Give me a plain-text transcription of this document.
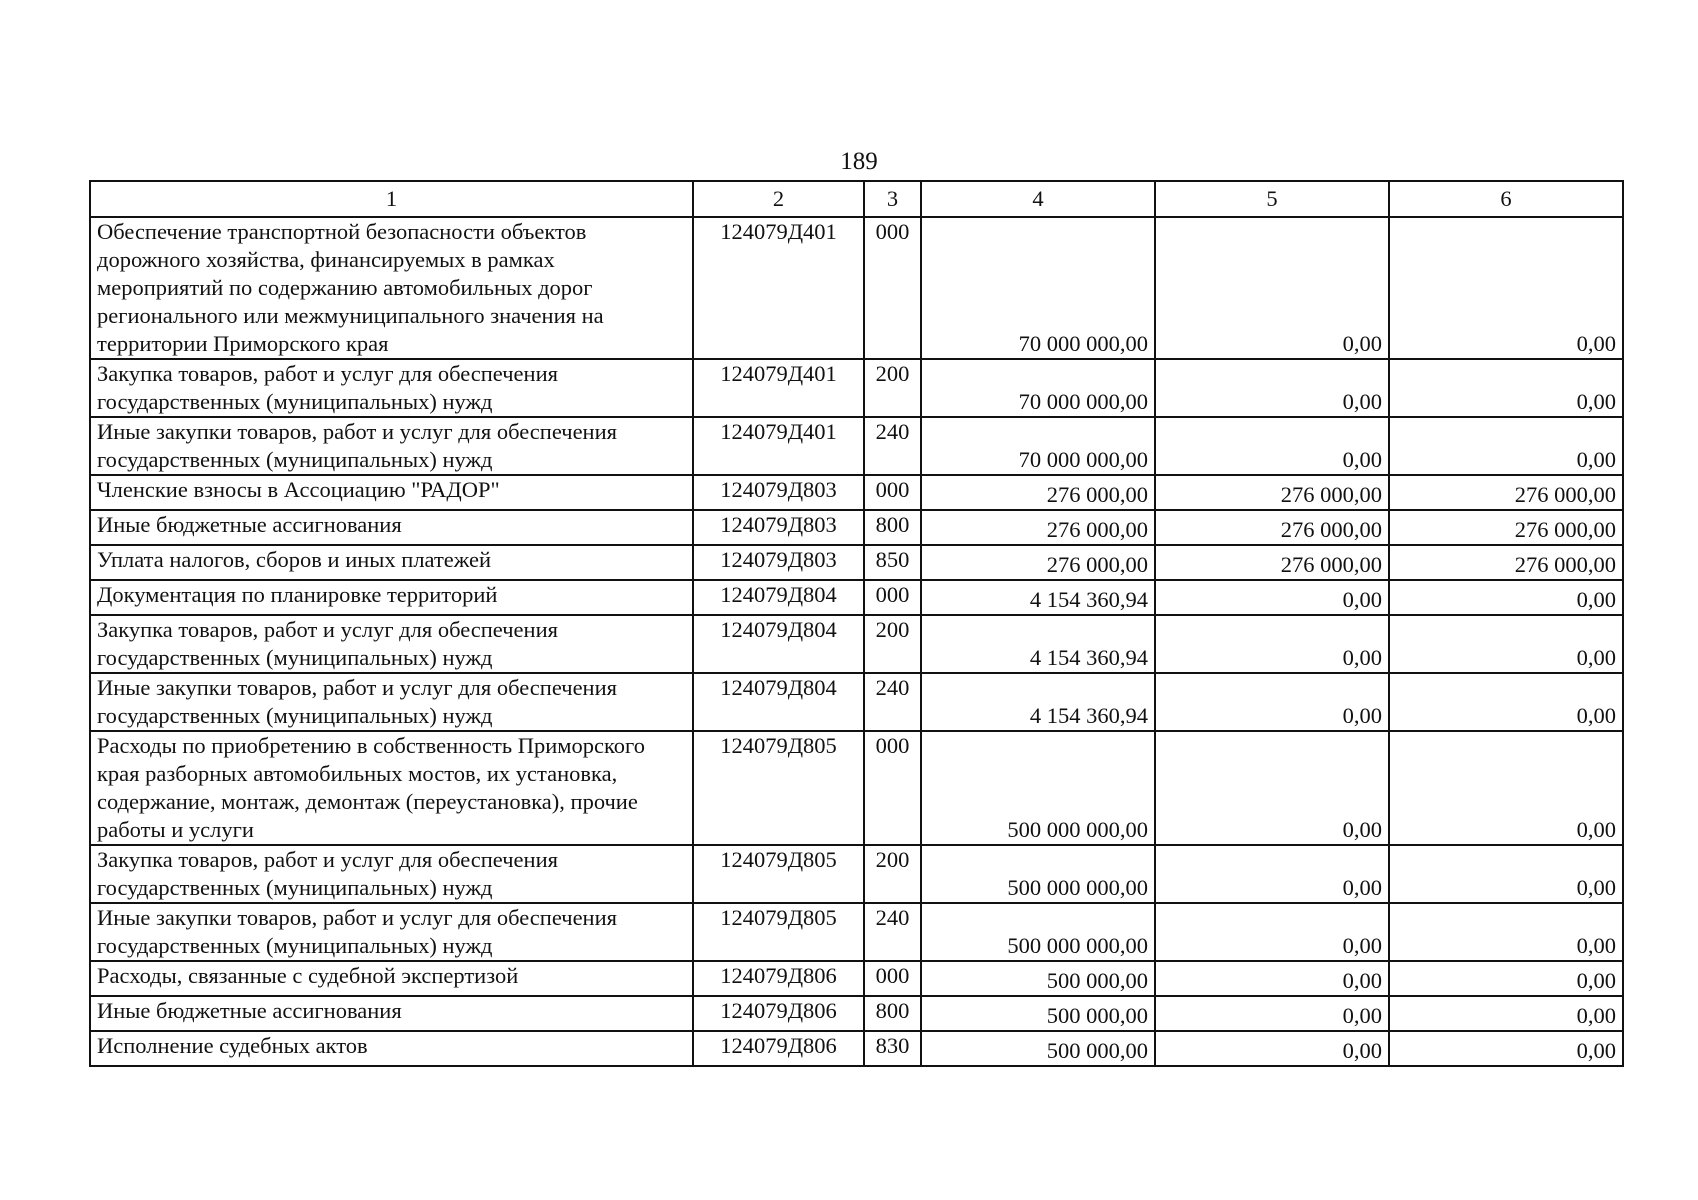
189
1	2	3	4	5	6
Обеспечение транспортной безопасности объектов дорожного хозяйства, финансируемых в рамках мероприятий по содержанию автомобильных дорог регионального или межмуниципального значения на территории Приморского края	124079Д401	000	70 000 000,00	0,00	0,00
Закупка товаров, работ и услуг для обеспечения государственных (муниципальных) нужд	124079Д401	200	70 000 000,00	0,00	0,00
Иные закупки товаров, работ и услуг для обеспечения государственных (муниципальных) нужд	124079Д401	240	70 000 000,00	0,00	0,00
Членские взносы в Ассоциацию "РАДОР"	124079Д803	000	276 000,00	276 000,00	276 000,00
Иные бюджетные ассигнования	124079Д803	800	276 000,00	276 000,00	276 000,00
Уплата налогов, сборов и иных платежей	124079Д803	850	276 000,00	276 000,00	276 000,00
Документация по планировке территорий	124079Д804	000	4 154 360,94	0,00	0,00
Закупка товаров, работ и услуг для обеспечения государственных (муниципальных) нужд	124079Д804	200	4 154 360,94	0,00	0,00
Иные закупки товаров, работ и услуг для обеспечения государственных (муниципальных) нужд	124079Д804	240	4 154 360,94	0,00	0,00
Расходы по приобретению в собственность Приморского края разборных автомобильных мостов, их установка, содержание, монтаж, демонтаж (переустановка), прочие работы и услуги	124079Д805	000	500 000 000,00	0,00	0,00
Закупка товаров, работ и услуг для обеспечения государственных (муниципальных) нужд	124079Д805	200	500 000 000,00	0,00	0,00
Иные закупки товаров, работ и услуг для обеспечения государственных (муниципальных) нужд	124079Д805	240	500 000 000,00	0,00	0,00
Расходы, связанные с судебной экспертизой	124079Д806	000	500 000,00	0,00	0,00
Иные бюджетные ассигнования	124079Д806	800	500 000,00	0,00	0,00
Исполнение судебных актов	124079Д806	830	500 000,00	0,00	0,00
